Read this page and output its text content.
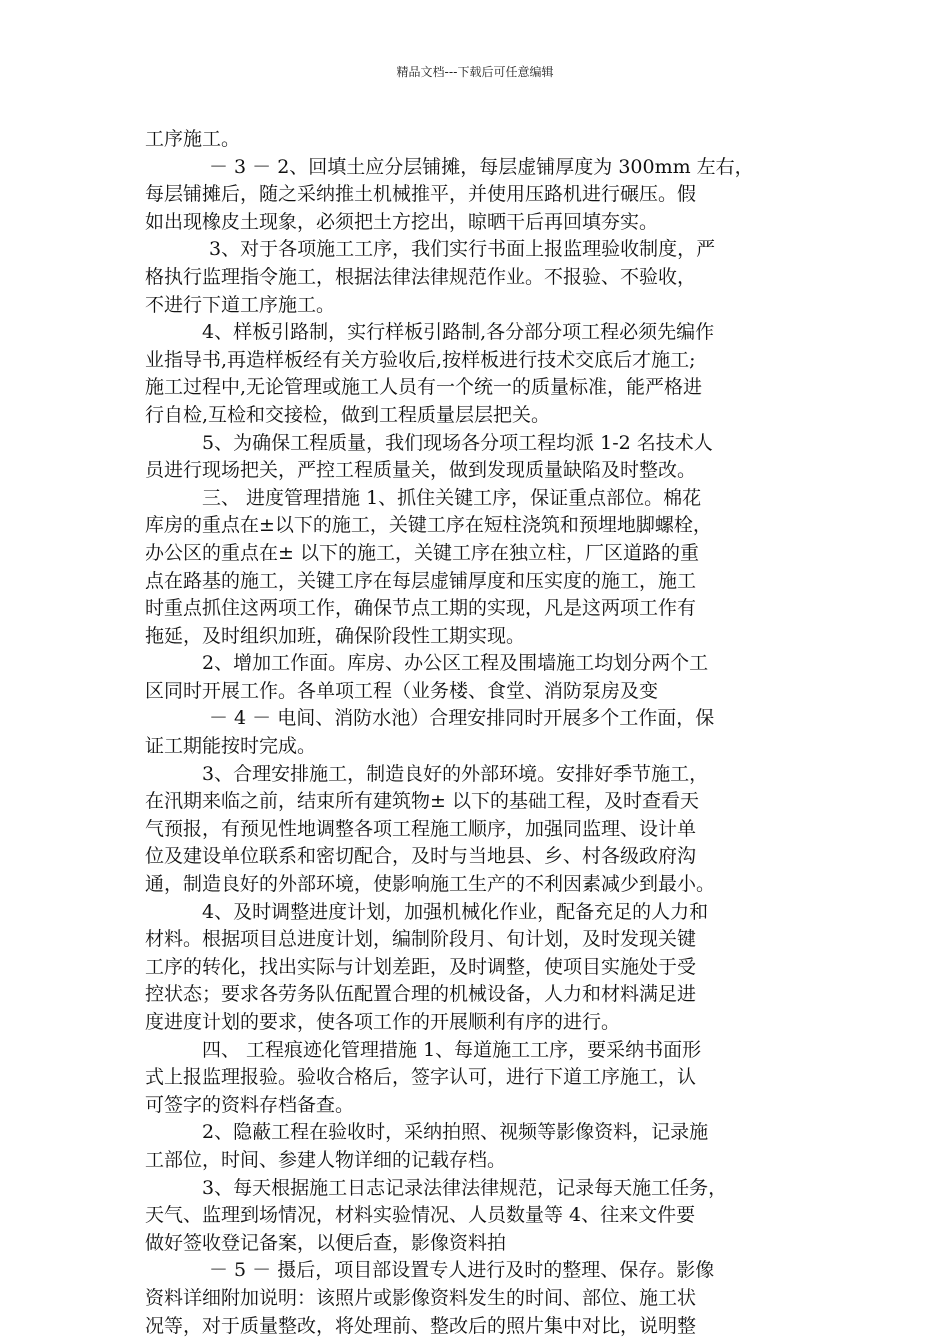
精品文档---下载后可任意编辑
工序施工。
－ 3 － 2、回填土应分层铺摊，每层虚铺厚度为 300mm 左右，
每层铺摊后，随之采纳推土机械推平，并使用压路机进行碾压。假
如出现橡皮土现象，必须把土方挖出，晾晒干后再回填夯实。
3、对于各项施工工序，我们实行书面上报监理验收制度，严
格执行监理指令施工，根据法律法律规范作业。不报验、不验收，
不进行下道工序施工。
4、样板引路制，实行样板引路制,各分部分项工程必须先编作
业指导书,再造样板经有关方验收后,按样板进行技术交底后才施工;
施工过程中,无论管理或施工人员有一个统一的质量标准，能严格进
行自检,互检和交接检，做到工程质量层层把关。
5、为确保工程质量，我们现场各分项工程均派 1-2 名技术人
员进行现场把关，严控工程质量关，做到发现质量缺陷及时整改。
三、 进度管理措施 1、抓住关键工序，保证重点部位。棉花
库房的重点在±以下的施工，关键工序在短柱浇筑和预埋地脚螺栓，
办公区的重点在± 以下的施工，关键工序在独立柱，厂区道路的重
点在路基的施工，关键工序在每层虚铺厚度和压实度的施工，施工
时重点抓住这两项工作，确保节点工期的实现，凡是这两项工作有
拖延，及时组织加班，确保阶段性工期实现。
2、增加工作面。库房、办公区工程及围墙施工均划分两个工
区同时开展工作。各单项工程（业务楼、食堂、消防泵房及变
－ 4 － 电间、消防水池）合理安排同时开展多个工作面，保
证工期能按时完成。
3、合理安排施工，制造良好的外部环境。安排好季节施工，
在汛期来临之前，结束所有建筑物± 以下的基础工程，及时查看天
气预报，有预见性地调整各项工程施工顺序，加强同监理、设计单
位及建设单位联系和密切配合，及时与当地县、乡、村各级政府沟
通，制造良好的外部环境，使影响施工生产的不利因素减少到最小。
4、及时调整进度计划，加强机械化作业，配备充足的人力和
材料。根据项目总进度计划，编制阶段月、旬计划，及时发现关键
工序的转化，找出实际与计划差距，及时调整，使项目实施处于受
控状态；要求各劳务队伍配置合理的机械设备，人力和材料满足进
度进度计划的要求，使各项工作的开展顺利有序的进行。
四、 工程痕迹化管理措施 1、每道施工工序，要采纳书面形
式上报监理报验。验收合格后，签字认可，进行下道工序施工，认
可签字的资料存档备查。
2、隐蔽工程在验收时，采纳拍照、视频等影像资料，记录施
工部位，时间、参建人物详细的记载存档。
3、每天根据施工日志记录法律法律规范，记录每天施工任务，
天气、监理到场情况，材料实验情况、人员数量等 4、往来文件要
做好签收登记备案，以便后查，影像资料拍
－ 5 － 摄后，项目部设置专人进行及时的整理、保存。影像
资料详细附加说明：该照片或影像资料发生的时间、部位、施工状
况等，对于质量整改，将处理前、整改后的照片集中对比，说明整
